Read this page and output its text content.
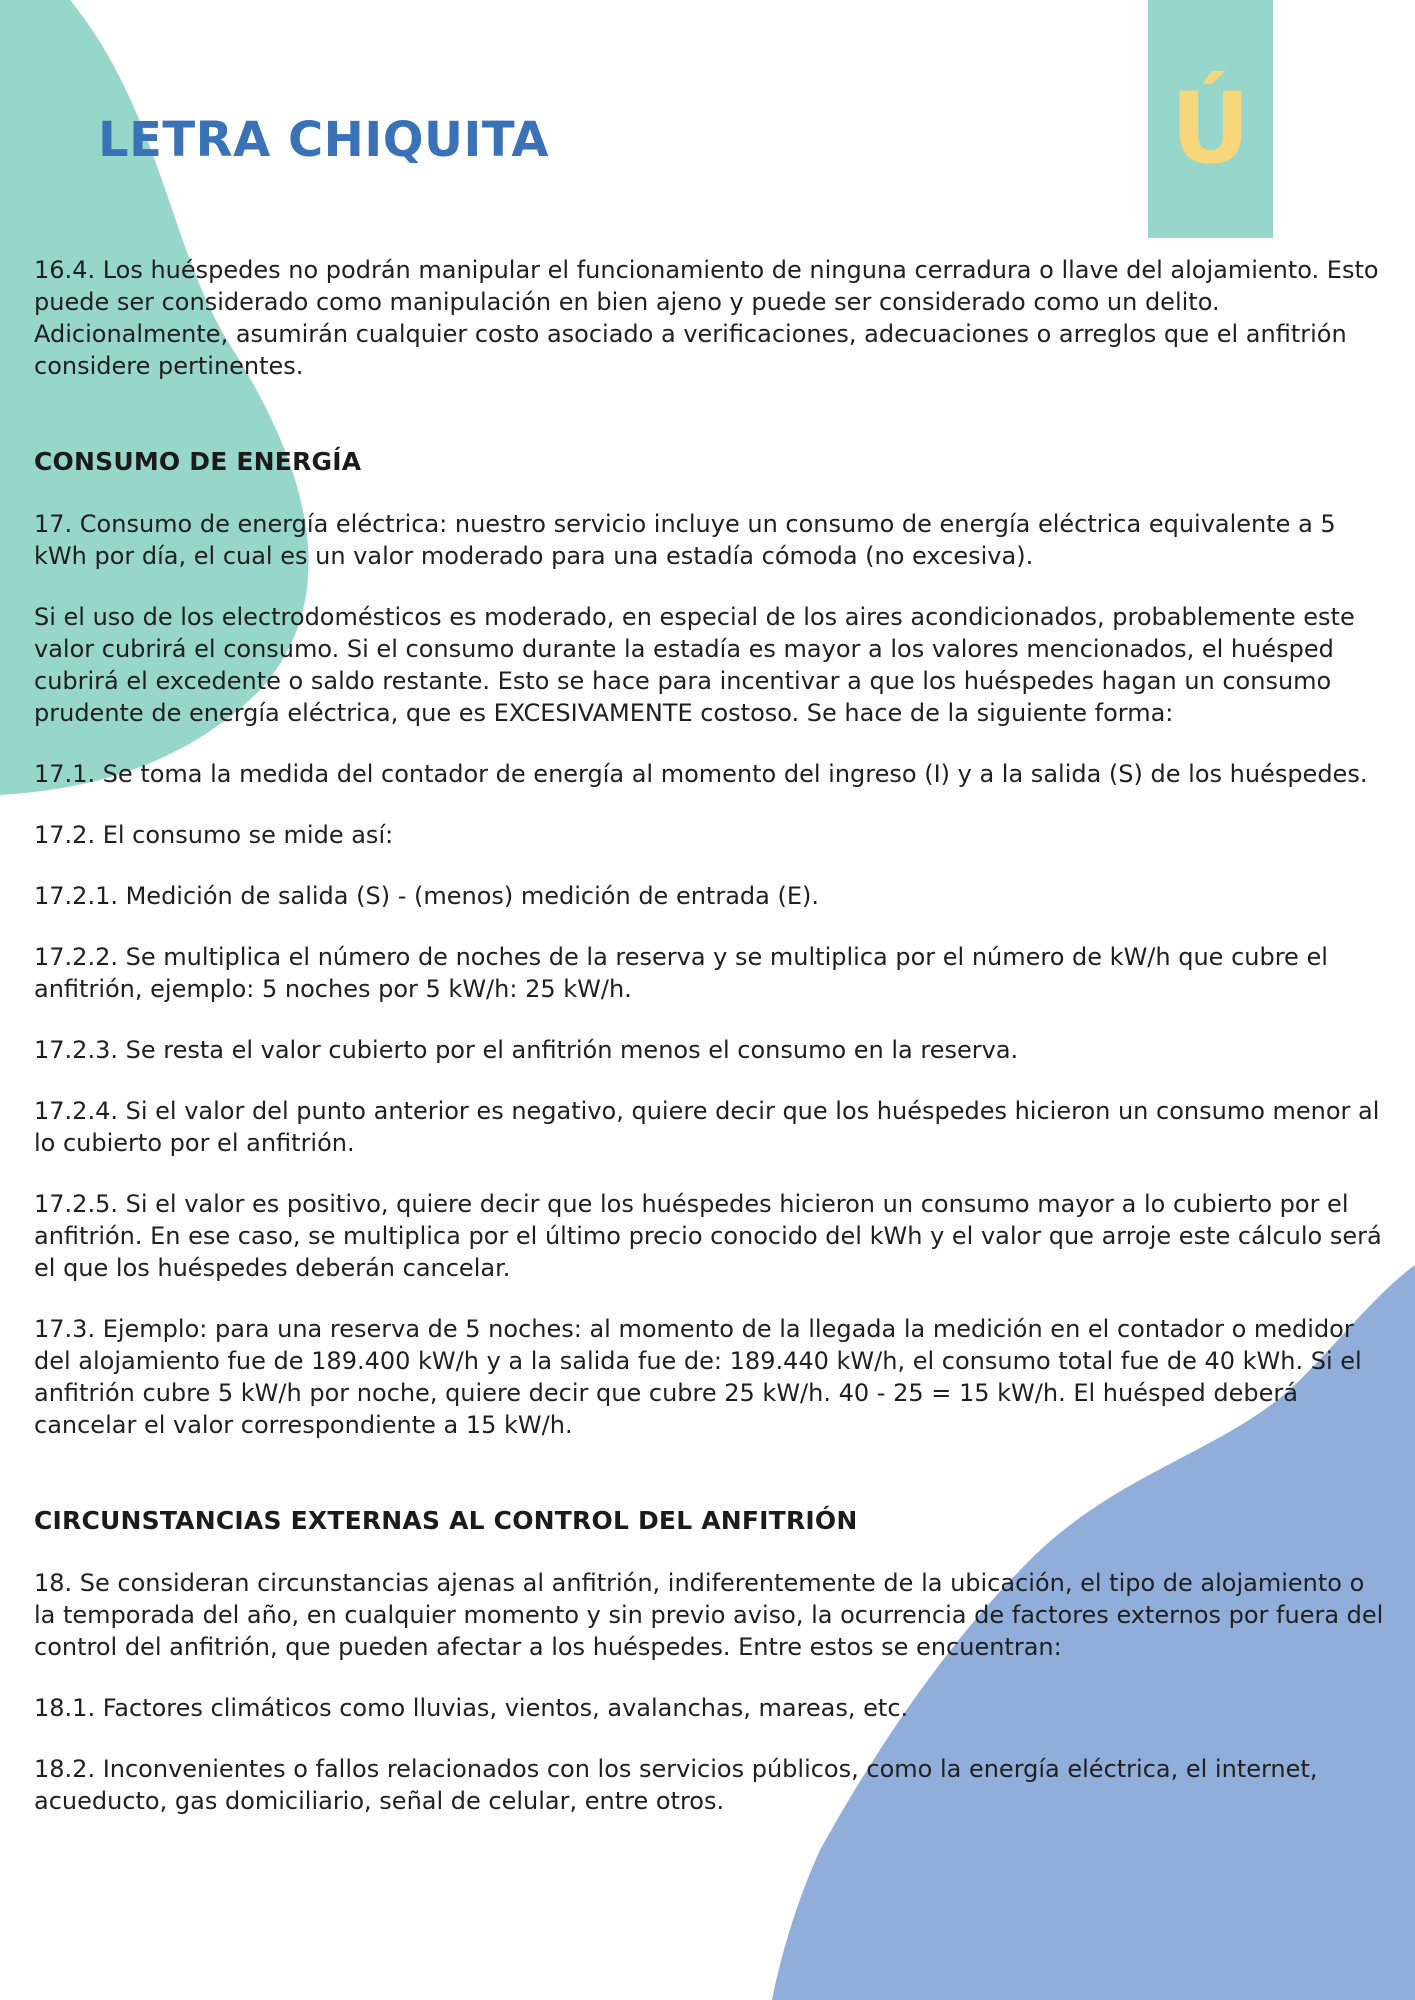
LETRA CHIQUITA	Ú

16.4. Los huéspedes no podrán manipular el funcionamiento de ninguna cerradura o llave del alojamiento. Esto puede ser considerado como manipulación en bien ajeno y puede ser considerado como un delito. Adicionalmente, asumirán cualquier costo asociado a verificaciones, adecuaciones o arreglos que el anfitrión considere pertinentes.

CONSUMO DE ENERGÍA

17. Consumo de energía eléctrica: nuestro servicio incluye un consumo de energía eléctrica equivalente a 5 kWh por día, el cual es un valor moderado para una estadía cómoda (no excesiva).

Si el uso de los electrodomésticos es moderado, en especial de los aires acondicionados, probablemente este valor cubrirá el consumo. Si el consumo durante la estadía es mayor a los valores mencionados, el huésped cubrirá el excedente o saldo restante. Esto se hace para incentivar a que los huéspedes hagan un consumo prudente de energía eléctrica, que es EXCESIVAMENTE costoso. Se hace de la siguiente forma:

17.1. Se toma la medida del contador de energía al momento del ingreso (I) y a la salida (S) de los huéspedes.

17.2. El consumo se mide así:

17.2.1. Medición de salida (S) - (menos) medición de entrada (E).

17.2.2. Se multiplica el número de noches de la reserva y se multiplica por el número de kW/h que cubre el anfitrión, ejemplo: 5 noches por 5 kW/h: 25 kW/h.

17.2.3. Se resta el valor cubierto por el anfitrión menos el consumo en la reserva.

17.2.4. Si el valor del punto anterior es negativo, quiere decir que los huéspedes hicieron un consumo menor al lo cubierto por el anfitrión.

17.2.5. Si el valor es positivo, quiere decir que los huéspedes hicieron un consumo mayor a lo cubierto por el anfitrión. En ese caso, se multiplica por el último precio conocido del kWh y el valor que arroje este cálculo será el que los huéspedes deberán cancelar.

17.3. Ejemplo: para una reserva de 5 noches: al momento de la llegada la medición en el contador o medidor del alojamiento fue de 189.400 kW/h y a la salida fue de: 189.440 kW/h, el consumo total fue de 40 kWh. Si el anfitrión cubre 5 kW/h por noche, quiere decir que cubre 25 kW/h. 40 - 25 = 15 kW/h. El huésped deberá cancelar el valor correspondiente a 15 kW/h.

CIRCUNSTANCIAS EXTERNAS AL CONTROL DEL ANFITRIÓN

18. Se consideran circunstancias ajenas al anfitrión, indiferentemente de la ubicación, el tipo de alojamiento o la temporada del año, en cualquier momento y sin previo aviso, la ocurrencia de factores externos por fuera del control del anfitrión, que pueden afectar a los huéspedes. Entre estos se encuentran:

18.1. Factores climáticos como lluvias, vientos, avalanchas, mareas, etc.

18.2. Inconvenientes o fallos relacionados con los servicios públicos, como la energía eléctrica, el internet, acueducto, gas domiciliario, señal de celular, entre otros.
